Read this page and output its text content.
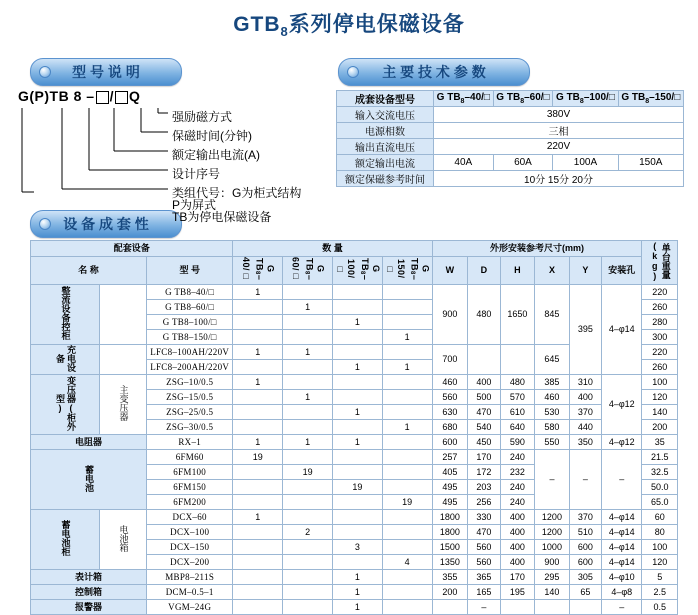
$GTB_8$系列停电保磁设备
型 号 说 明	主 要 技 术 参 数
设 备 成 套 性
G(P)TB 8 – / Q
强励磁方式
保磁时间(分钟)
额定输出电流(A)
设计序号
类组代号：G为柜式结构
P为屏式
TB为停电保磁设备
成套设备型号	G $TB_8-40/□$	G $TB_8-60/□$	G $TB_8-100/□$	G $TB_8-150/□$
输入交流电压	380V			
电源相数	三相			
输出直流电压	220V			
额定输出电流	40A	60A	100A	150A
额定保磁参考时间	10分 15分 20分			
配套设备			数 量				外形安装参考尺寸(mm)						单台重量(kg)
名 称		型 号	G $TB_8-40/□$	G $TB_8-60/□$	G $TB_8-100/□$	G $TB_8-150/□$	W	D	H	X	Y	安装孔	
整流设备控柜		G TB8–40/□	1				900	480	1650	845	395	4–φ14	220
		G TB8–60/□		1									260
		G TB8–100/□			1								280
		G TB8–150/□				1							300
充电设备		LFC8–100AH/220V	1	1			700			645			220
		LFC8–200AH/220V			1	1							260
变压器(柜外型)	主变压器	ZSG–10/0.5	1				460	400	480	385	310	4–φ12	100
		ZSG–15/0.5		1			560	500	570	460	400		120
		ZSG–25/0.5			1		630	470	610	530	370		140
		ZSG–30/0.5				1	680	540	640	580	440		200
电阻器		RX–1	1	1	1		600	450	590	550	350	4–φ12	35
蓄电池		6FM60	19				257	170	240	–	–	–	21.5
		6FM100		19			405	172	232				32.5
		6FM150			19		495	203	240				50.0
		6FM200				19	495	256	240				65.0
蓄电池柜	电池箱	DCX–60	1				1800	330	400	1200	370	4–φ14	60
		DCX–100		2			1800	470	400	1200	510	4–φ14	80
		DCX–150			3		1500	560	400	1000	600	4–φ14	100
		DCX–200				4	1350	560	400	900	600	4–φ14	120
表计箱		MBP8–211S			1		355	365	170	295	305	4–φ10	5
控制箱		DCM–0.5–1			1		200	165	195	140	65	4–φ8	2.5
报警器		VGM–24G			1			–				–	0.5
